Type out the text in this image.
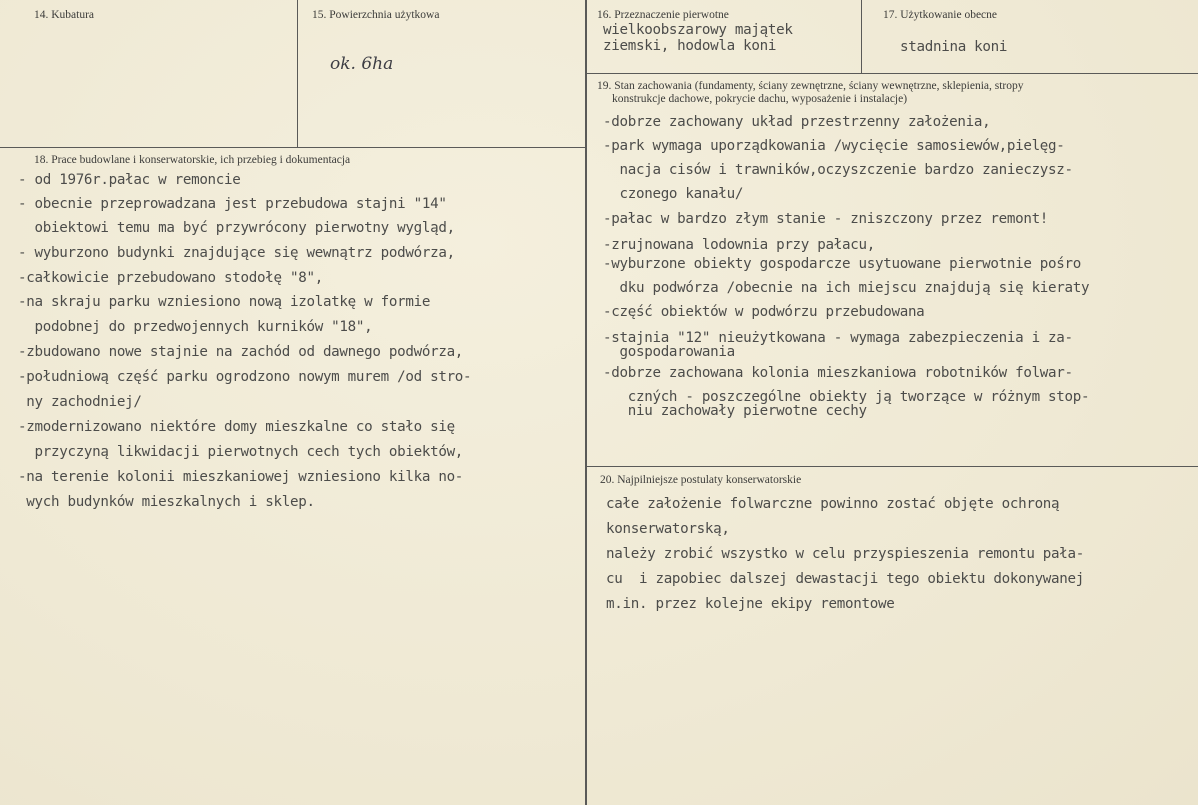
14. Kubatura	15. Powierzchnia użytkowa
ok. 6ha
16. Przeznaczenie pierwotne
wielkoobszarowy majątek
ziemski, hodowla koni
17. Użytkowanie obecne
stadnina koni
18. Prace budowlane i konserwatorskie, ich przebieg i dokumentacja
- od 1976r.pałac w remoncie
- obecnie przeprowadzana jest przebudowa stajni "14"
obiektowi temu ma być przywrócony pierwotny wygląd,
- wyburzono budynki znajdujące się wewnątrz podwórza,
-całkowicie przebudowano stodołę "8",
-na skraju parku wzniesiono nową izolatkę w formie
podobnej do przedwojennych kurników "18",
-zbudowano nowe stajnie na zachód od dawnego podwórza,
-południową część parku ogrodzono nowym murem /od stro-
ny zachodniej/
-zmodernizowano niektóre domy mieszkalne co stało się
przyczyną likwidacji pierwotnych cech tych obiektów,
-na terenie kolonii mieszkaniowej wzniesiono kilka no-
wych budynków mieszkalnych i sklep.
19. Stan zachowania (fundamenty, ściany zewnętrzne, ściany wewnętrzne, sklepienia, stropy
konstrukcje dachowe, pokrycie dachu, wyposażenie i instalacje)
-dobrze zachowany układ przestrzenny założenia,
-park wymaga uporządkowania /wycięcie samosiewów,pielęg-
nacja cisów i trawników,oczyszczenie bardzo zanieczysz-
czonego kanału/
-pałac w bardzo złym stanie - zniszczony przez remont!
-zrujnowana lodownia przy pałacu,
-wyburzone obiekty gospodarcze usytuowane pierwotnie pośro
dku podwórza /obecnie na ich miejscu znajdują się kieraty
-część obiektów w podwórzu przebudowana
-stajnia "12" nieużytkowana - wymaga zabezpieczenia i za-
gospodarowania
-dobrze zachowana kolonia mieszkaniowa robotników folwar-
czných - poszczególne obiekty ją tworzące w różnym stop-
niu zachowały pierwotne cechy
20. Najpilniejsze postulaty konserwatorskie
całe założenie folwarczne powinno zostać objęte ochroną
konserwatorską,
należy zrobić wszystko w celu przyspieszenia remontu pała-
cu  i zapobiec dalszej dewastacji tego obiektu dokonywanej
m.in. przez kolejne ekipy remontowe
